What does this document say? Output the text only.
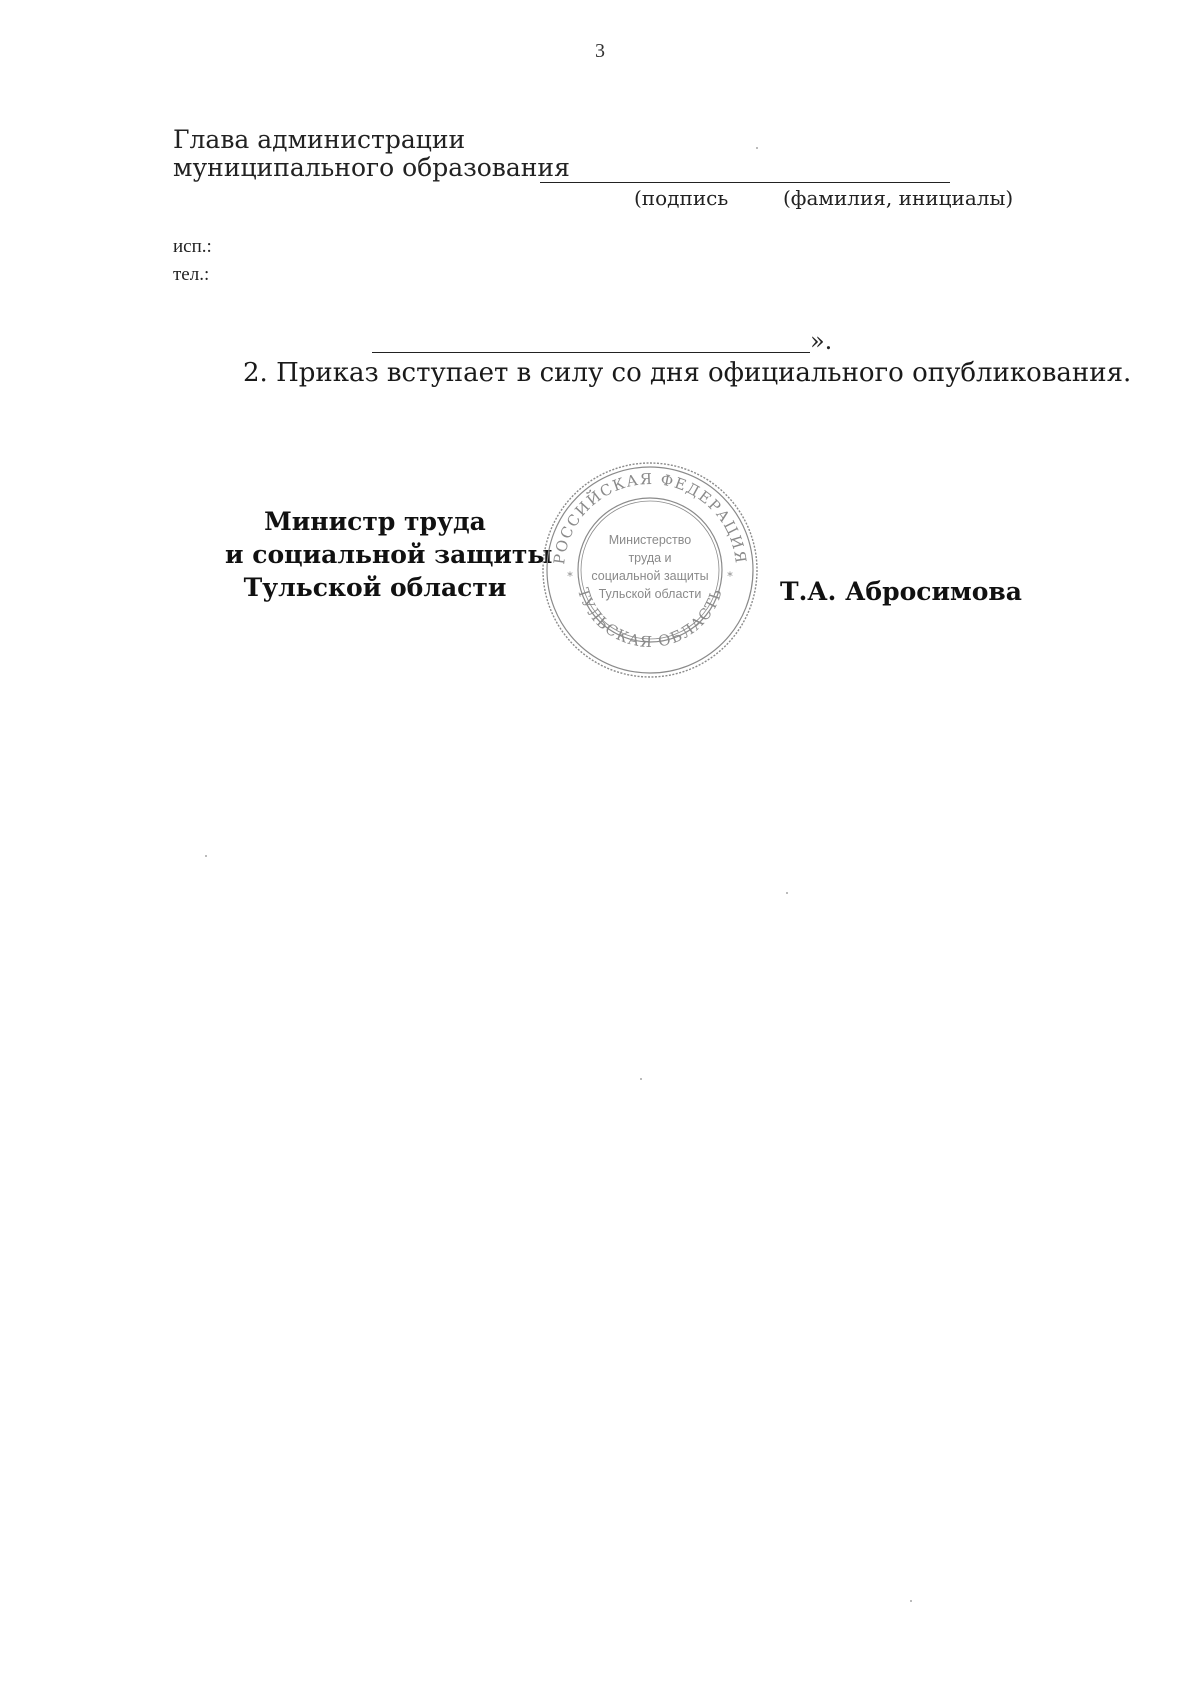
3
Глава администрации
муниципального образования
(подпись	(фамилия, инициалы)
исп.:
тел.:
».
2. Приказ вступает в силу со дня официального опубликования.
Министр труда
и социальной защиты
Тульской области
РОССИЙСКАЯ ФЕДЕРАЦИЯ
ТУЛЬСКАЯ ОБЛАСТЬ
*	*
Министерство
труда и
социальной защиты
Тульской области	Т.А. Абросимова
